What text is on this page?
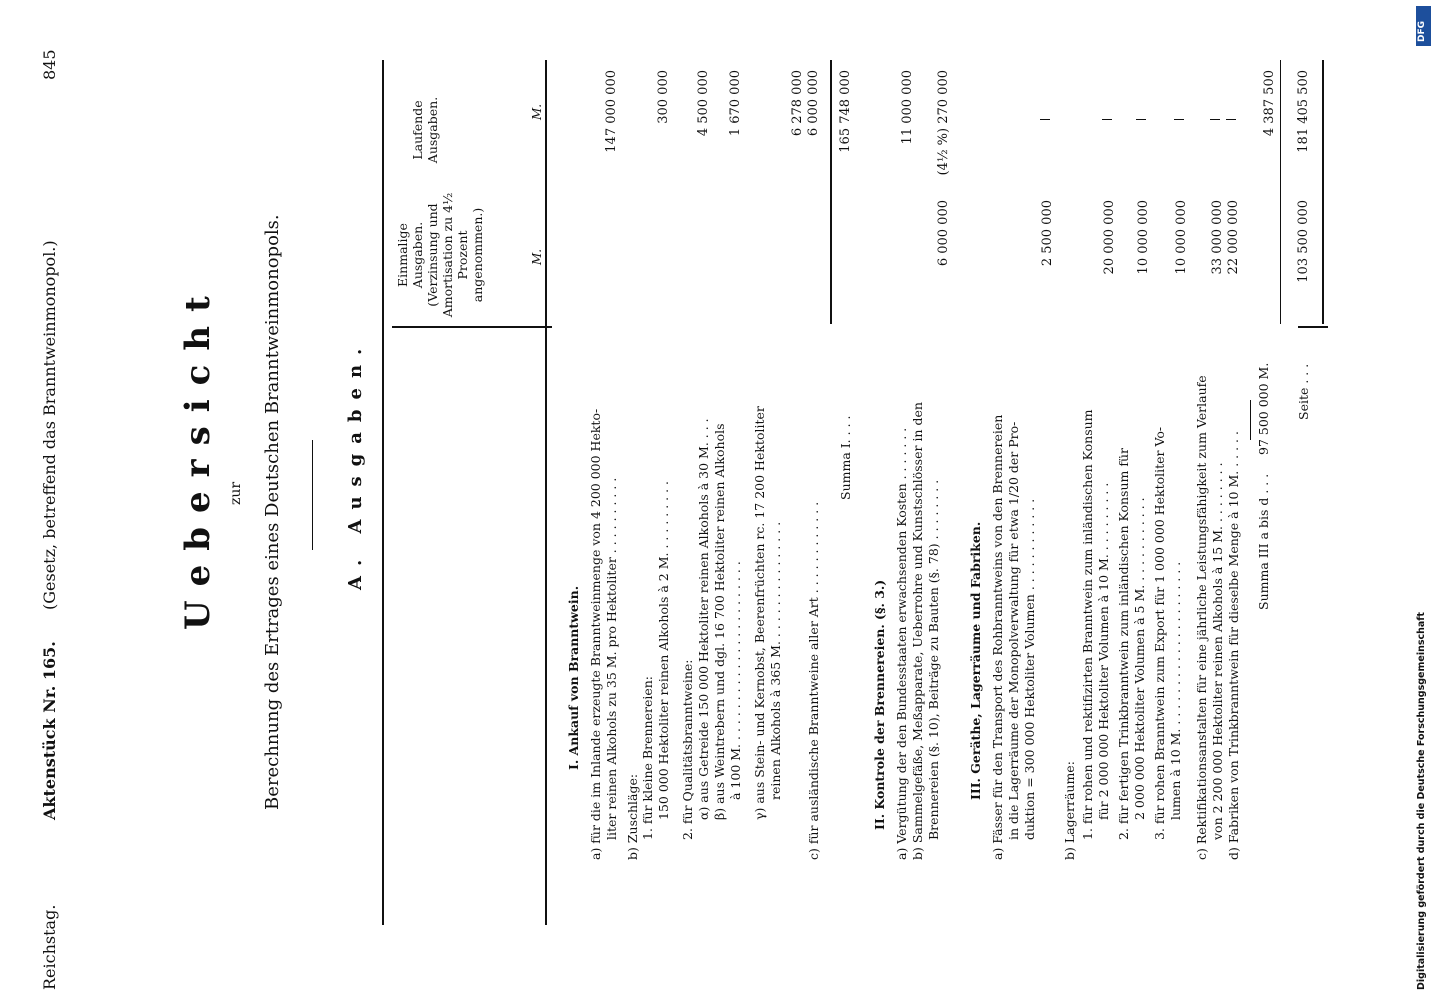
Reichstag.
Aktenstück Nr. 165.
(Gesetz, betreffend das Branntweinmonopol.)
845
Uebersicht zur Berechnung des Ertrages eines Deutschen Branntweinmonopols.	A. Ausgaben.
Einmalige Ausgaben. (Verzinsung und Amortisation zu 4½ Prozent angenommen.)
Laufende Ausgaben.
M.
M.
I. Ankauf von Branntwein. a) für die im Inlande erzeugte Branntweinmenge von 4 200 000 Hekto- liter reinen Alkohols zu 35 M. pro Hektoliter . . . . . . . . . .
147 000 000
b) Zuschläge: 1. für kleine Brennereien: 150 000 Hektoliter reinen Alkohols à 2 M. . . . . . . . . .
300 000
2. für Qualitätsbranntweine: α) aus Getreide 150 000 Hektoliter reinen Alkohols à 30 M. . . .
4 500 000
β) aus Weintrebern und dgl. 16 700 Hektoliter reinen Alkohols à 100 M. . . . . . . . . . . . . . . . . . . . . . . .
1 670 000
γ) aus Stein- und Kernobst, Beerenfrüchten rc. 17 200 Hektoliter reinen Alkohols à 365 M. . . . . . . . . . . . . . . .
6 278 000
c) für ausländische Branntweine aller Art . . . . . . . . . . . .
6 000 000
Summa I. . . .
165 748 000
II. Kontrole der Brennereien. (§. 3.) a) Vergütung der den Bundesstaaten erwachsenden Kosten . . . . . . .
11 000 000
b) Sammelgefäße, Meßapparate, Ueberrohre und Kunstschlösser in den Brennereien (§. 10), Beiträge zu Bauten (§. 78) . . . . . . . .
6 000 000
(4½ %) 270 000
III. Geräthe, Lagerräume und Fabriken. a) Fässer für den Transport des Rohbranntweins von den Brennereien in die Lagerräume der Monopolverwaltung für etwa 1/20 der Pro- duktion = 300 000 Hektoliter Volumen . . . . . . . . . . . .
2 500 000
b) Lagerräume: 1. für rohen und rektifizirten Branntwein zum inländischen Konsum für 2 000 000 Hektoliter Volumen à 10 M. . . . . . . . . .
20 000 000
2. für fertigen Trinkbranntwein zum inländischen Konsum für 2 000 000 Hektoliter Volumen à 5 M. . . . . . . . . . . .
10 000 000
3. für rohen Branntwein zum Export für 1 000 000 Hektoliter Vo- lumen à 10 M. . . . . . . . . . . . . . . . . . . . . .
10 000 000
c) Rektifikationsanstalten für eine jährliche Leistungsfähigkeit zum Verlaufe von 2 200 000 Hektoliter reinen Alkohols à 15 M. . . . . . . . .
33 000 000
d) Fabriken von Trinkbranntwein für dieselbe Menge à 10 M. . . . . .
22 000 000
Summa III a bis d . . .
97 500 000 M.
4 387 500
Seite . . .
103 500 000
181 405 500
DFG
Digitalisierung gefördert durch die Deutsche Forschungsgemeinschaft
